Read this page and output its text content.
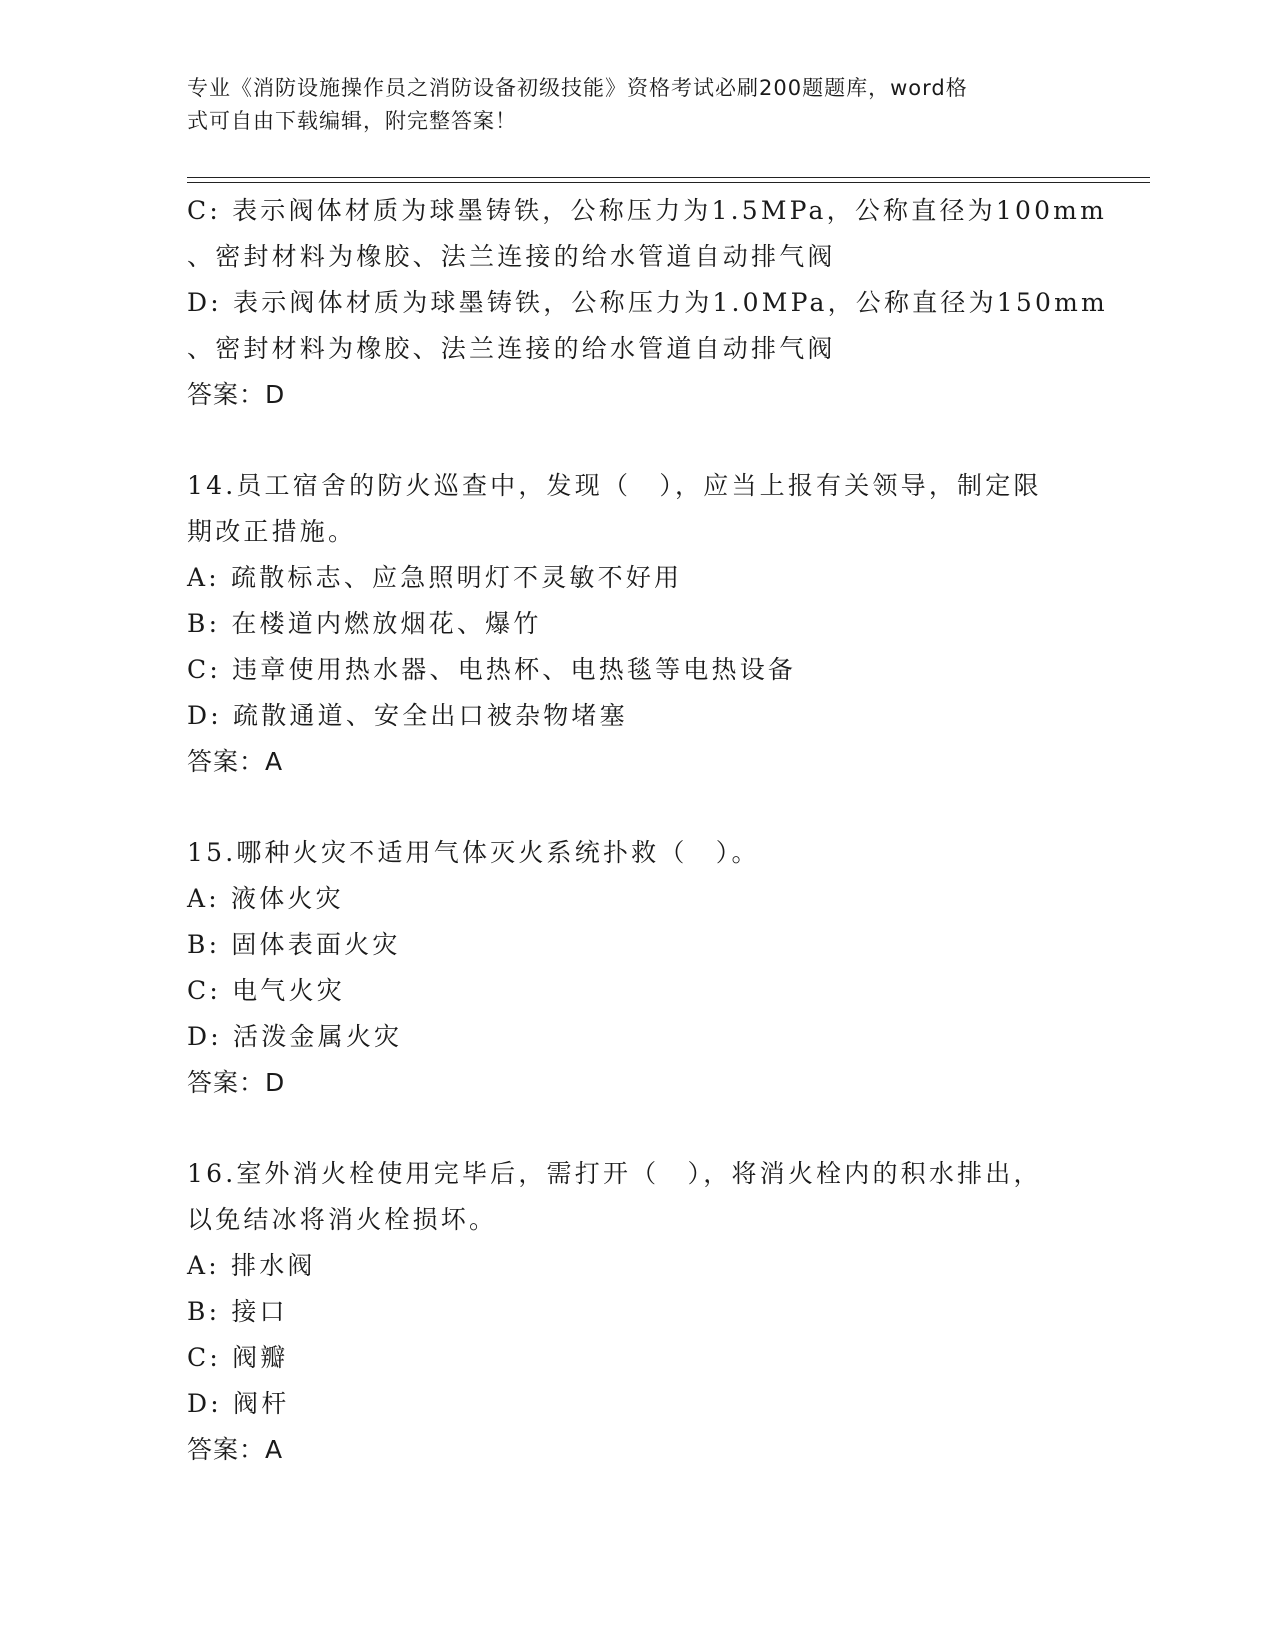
专业《消防设施操作员之消防设备初级技能》资格考试必刷200题题库，word格
式可自由下载编辑，附完整答案！
C: 表示阀体材质为球墨铸铁，公称压力为1.5MPa，公称直径为100mm
、密封材料为橡胶、法兰连接的给水管道自动排气阀
D: 表示阀体材质为球墨铸铁，公称压力为1.0MPa，公称直径为150mm
、密封材料为橡胶、法兰连接的给水管道自动排气阀
答案：D
14.员工宿舍的防火巡查中，发现（　），应当上报有关领导，制定限
期改正措施。
A: 疏散标志、应急照明灯不灵敏不好用
B: 在楼道内燃放烟花、爆竹
C: 违章使用热水器、电热杯、电热毯等电热设备
D: 疏散通道、安全出口被杂物堵塞
答案：A
15.哪种火灾不适用气体灭火系统扑救（　）。
A: 液体火灾
B: 固体表面火灾
C: 电气火灾
D: 活泼金属火灾
答案：D
16.室外消火栓使用完毕后，需打开（　），将消火栓内的积水排出，
以免结冰将消火栓损坏。
A: 排水阀
B: 接口
C: 阀瓣
D: 阀杆
答案：A
